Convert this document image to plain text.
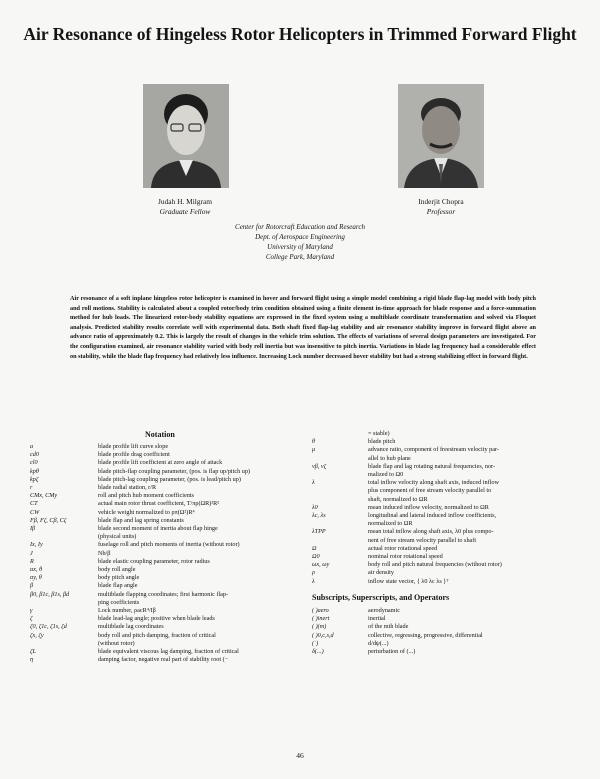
Air Resonance of Hingeless Rotor Helicopters in Trimmed Forward Flight
Judah H. Milgram
Graduate Fellow
Inderjit Chopra
Professor
Center for Rotorcraft Education and Research
Dept. of Aerospace Engineering
University of Maryland
College Park, Maryland
Air resonance of a soft inplane hingeless rotor helicopter is examined in hover and forward flight using a simple model combining a rigid blade flap-lag model with body pitch and roll motions. Stability is calculated about a coupled rotor/body trim condition obtained using a finite element in-time approach for blade response and a force-summation method for hub loads. The linearized rotor-body stability equations are expressed in the fixed system using a multiblade coordinate transformation and solved via Floquet analysis. Predicted stability results correlate well with experimental data. Both shaft fixed flap-lag stability and air resonance stability improve in forward flight above an advance ratio of approximately 0.2. This is largely the result of changes in the vehicle trim solution. The effects of variations of several design parameters are investigated. For the configuration examined, air resonance stability varied with body roll inertia but was insensitive to pitch inertia. Variations in blade lag frequency had a considerable effect on stability, while the blade flap frequency had relatively less influence. Increasing Lock number decreased hover stability but had a strong stabilizing effect in forward flight.
Notation
a	blade profile lift curve slope
cd0	blade profile drag coefficient
cl0	blade profile lift coefficient at zero angle of attack
kpθ	blade pitch-flap coupling parameter, (pos. is flap up/pitch up)
kpζ	blade pitch-lag coupling parameter, (pos. is lead/pitch up)
r	blade radial station, r/R
CMx, CMy	roll and pitch hub moment coefficients
CT	actual main rotor thrust coefficient, T/πρ(ΩR)²R²
CW	vehicle weight normalized to ρπ(Ω²)R⁴
Fβ, Fζ, Cβ, Cζ	blade flap and lag spring constants
Iβ	blade second moment of inertia about flap hinge
(physical units)
Ix, Iy	fuselage roll and pitch moments of inertia (without rotor)
J	Nb/β
R	blade elastic coupling parameter, rotor radius
αx, θ	body roll angle
αy, θ	body pitch angle
β	blade flap angle
β0, β1c, β1s, βd	multiblade flapping coordinates; first harmonic flap-
ping coefficients
γ	Lock number, ρacR⁴/Iβ
ζ	blade lead-lag angle; positive when blade leads
ζ0, ζ1c, ζ1s, ζd	multiblade lag coordinates
ζx, ζy	body roll and pitch damping, fraction of critical
(without rotor)
ζL	blade equivalent viscous lag damping, fraction of critical
η	damping factor, negative real part of stability root (−
= stable)
θ	blade pitch
μ	advance ratio, component of freestream velocity par-
allel to hub plane
νβ, νζ	blade flap and lag rotating natural frequencies, nor-
malized to Ω0
λ	total inflow velocity along shaft axis, induced inflow
plus component of free stream velocity parallel to
shaft, normalized to ΩR
λ0	mean induced inflow velocity, normalized to ΩR
λc, λs	longitudinal and lateral induced inflow coefficients,
normalized to ΩR
λTPP	mean total inflow along shaft axis, λ0 plus compo-
nent of free stream velocity parallel to shaft
Ω	actual rotor rotational speed
Ω0	nominal rotor rotational speed
ωx, ωy	body roll and pitch natural frequencies (without rotor)
ρ	air density
λ	inflow state vector, { λ0 λc λs }ᵀ
Subscripts, Superscripts, and Operators
( )aero	aerodynamic
( )inert	inertial
( )(m)	of the mth blade
( )0,c,s,d	collective, regressing, progressive, differential
(˙)	d/dψ(...)
δ(...)	perturbation of (...)
46
